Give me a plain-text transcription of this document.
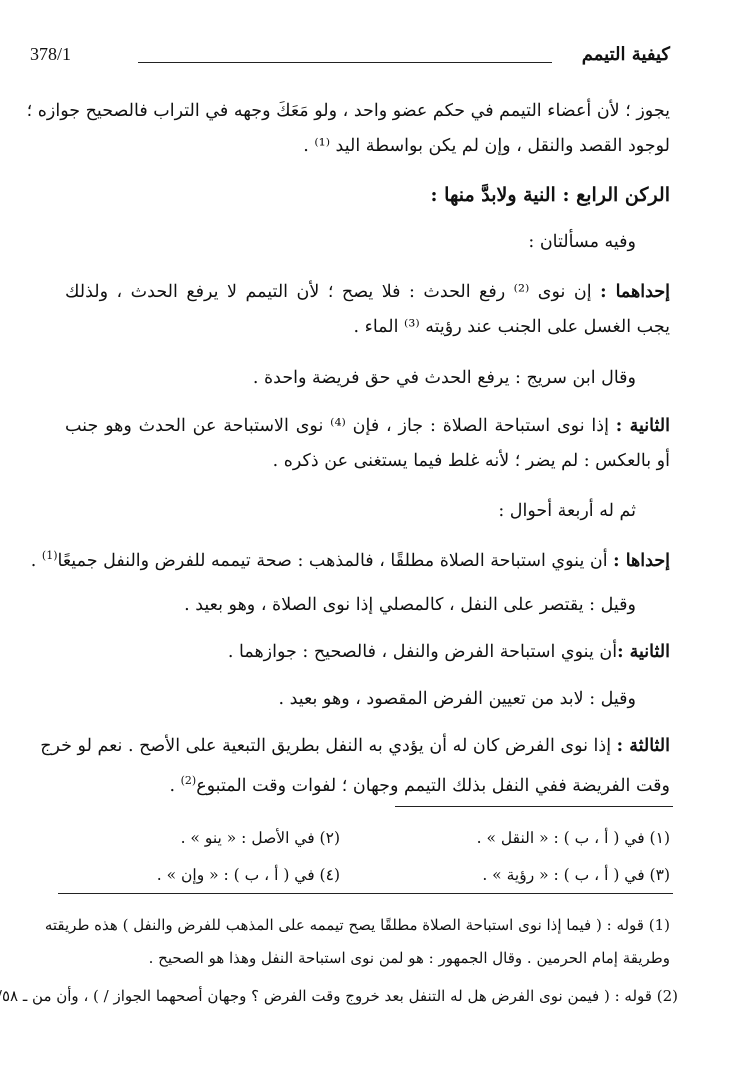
378/1	كيفية التيمم
يجوز ؛ لأن أعضاء التيمم في حكم عضو واحد ، ولو مَعَكَ وجهه في التراب فالصحيح جوازه ؛
لوجود القصد والنقل ، وإن لم يكن بواسطة اليد ⁽¹⁾ .
الركن الرابع : النية ولابدَّ منها :
وفيه مسألتان :
إحداهما : إن نوى ⁽²⁾ رفع الحدث : فلا يصح ؛ لأن التيمم لا يرفع الحدث ، ولذلك
يجب الغسل على الجنب عند رؤيته ⁽³⁾ الماء .
وقال ابن سريج : يرفع الحدث في حق فريضة واحدة .
الثانية : إذا نوى استباحة الصلاة : جاز ، فإن ⁽⁴⁾ نوى الاستباحة عن الحدث وهو جنب
أو بالعكس : لم يضر ؛ لأنه غلط فيما يستغنى عن ذكره .
ثم له أربعة أحوال :
إحداها : أن ينوي استباحة الصلاة مطلقًا ، فالمذهب : صحة تيممه للفرض والنفل جميعًا$^{(1)}$ .
وقيل : يقتصر على النفل ، كالمصلي إذا نوى الصلاة ، وهو بعيد .
الثانية :أن ينوي استباحة الفرض والنفل ، فالصحيح : جوازهما .
وقيل : لابد من تعيين الفرض المقصود ، وهو بعيد .
الثالثة : إذا نوى الفرض كان له أن يؤدي به النفل بطريق التبعية على الأصح . نعم لو خرج
وقت الفريضة ففي النفل بذلك التيمم وجهان ؛ لفوات وقت المتبوع$^{(2)}$ .
(١) في ( أ ، ب ) : « النقل » .
(٢) في الأصل : « ينو » .
(٣) في ( أ ، ب ) : « رؤية » .
(٤) في ( أ ، ب ) : « وإن » .
(1) قوله : ( فيما إذا نوى استباحة الصلاة مطلقًا يصح تيممه على المذهب للفرض والنفل ) هذه طريقته
وطريقة إمام الحرمين . وقال الجمهور : هو لمن نوى استباحة النفل وهذا هو الصحيح .
(2) قوله : ( فيمن نوى الفرض هل له التنفل بعد خروج وقت الفرض ؟ وجهان أصحهما الجواز / ) ، وأن من ـ ٥٨
